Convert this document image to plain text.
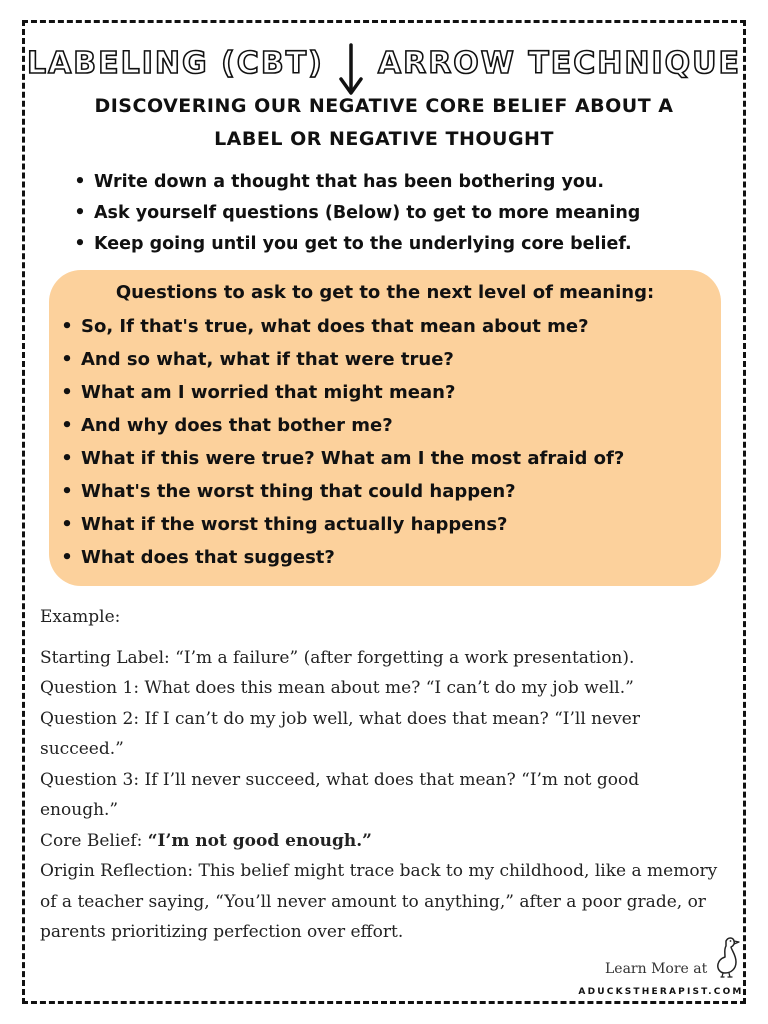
LABELING (CBT) ARROW TECHNIQUE
DISCOVERING OUR NEGATIVE CORE BELIEF ABOUT A LABEL OR NEGATIVE THOUGHT
• Write down a thought that has been bothering you.
• Ask yourself questions (Below) to get to more meaning
• Keep going until you get to the underlying core belief.
Questions to ask to get to the next level of meaning:
• So, If that's true, what does that mean about me?
• And so what, what if that were true?
• What am I worried that might mean?
• And why does that bother me?
• What if this were true? What am I the most afraid of?
• What's the worst thing that could happen?
• What if the worst thing actually happens?
• What does that suggest?
Example:
Starting Label: “I’m a failure” (after forgetting a work presentation).
Question 1: What does this mean about me? “I can’t do my job well.”
Question 2: If I can’t do my job well, what does that mean? “I’ll never succeed.”
Question 3: If I’ll never succeed, what does that mean? “I’m not good enough.”
Core Belief: “I’m not good enough.”
Origin Reflection: This belief might trace back to my childhood, like a memory of a teacher saying, “You’ll never amount to anything,” after a poor grade, or parents prioritizing perfection over effort.
Learn More at
ADUCKSTHERAPIST.COM
